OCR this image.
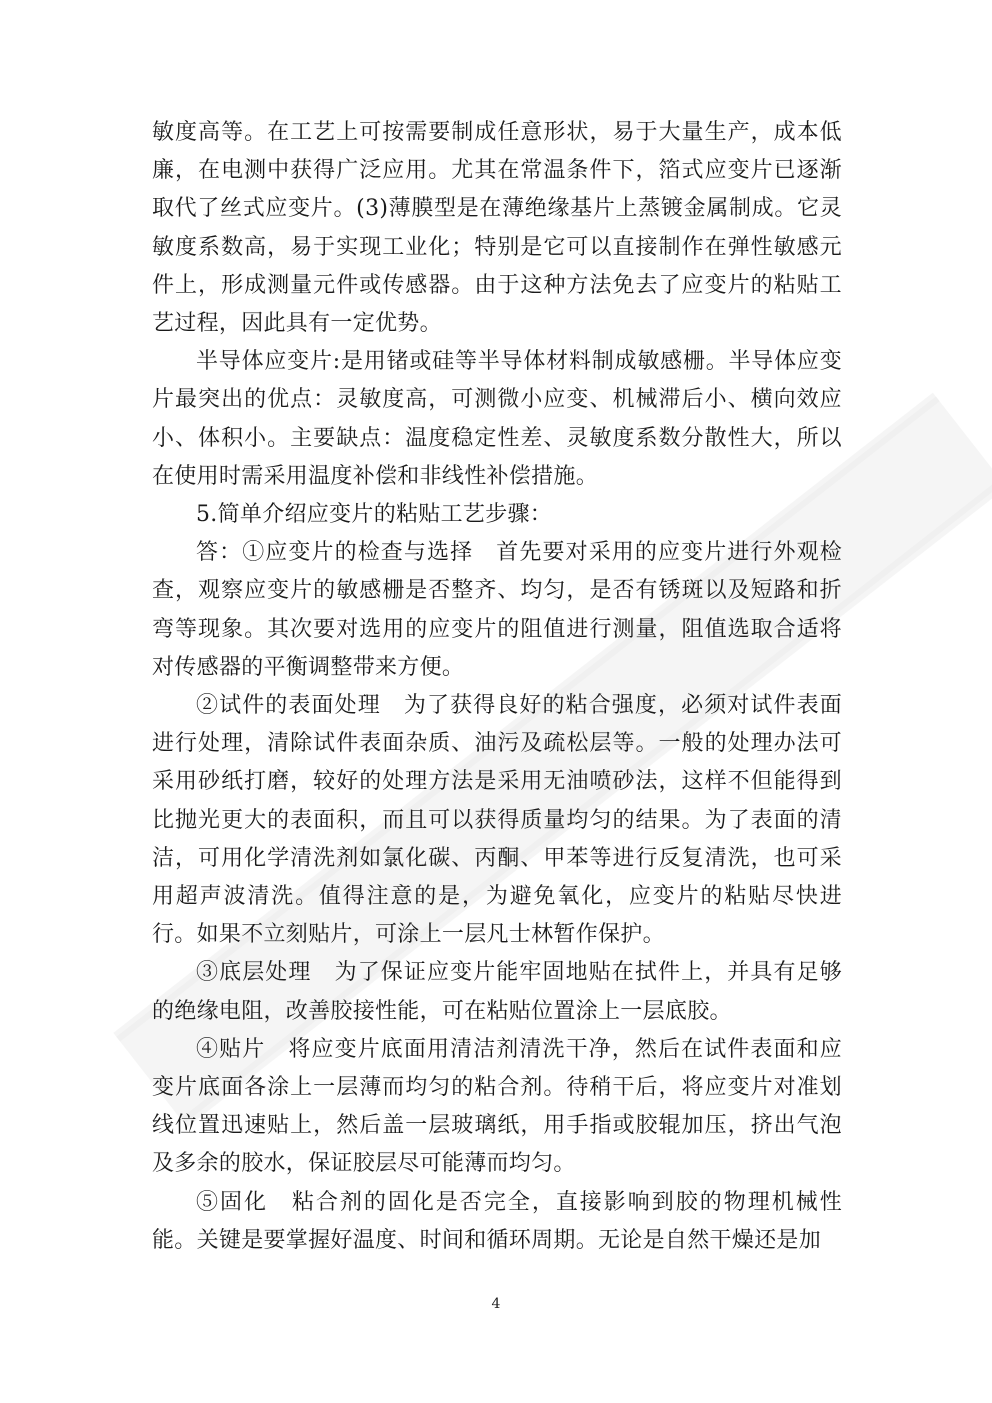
敏度高等。在工艺上可按需要制成任意形状，易于大量生产，成本低廉，在电测中获得广泛应用。尤其在常温条件下，箔式应变片已逐渐取代了丝式应变片。(3)薄膜型是在薄绝缘基片上蒸镀金属制成。它灵敏度系数高，易于实现工业化；特别是它可以直接制作在弹性敏感元件上，形成测量元件或传感器。由于这种方法免去了应变片的粘贴工艺过程，因此具有一定优势。

半导体应变片:是用锗或硅等半导体材料制成敏感栅。半导体应变片最突出的优点：灵敏度高，可测微小应变、机械滞后小、横向效应小、体积小。主要缺点：温度稳定性差、灵敏度系数分散性大，所以在使用时需采用温度补偿和非线性补偿措施。

5.简单介绍应变片的粘贴工艺步骤：

答：①应变片的检查与选择　首先要对采用的应变片进行外观检查，观察应变片的敏感栅是否整齐、均匀，是否有锈斑以及短路和折弯等现象。其次要对选用的应变片的阻值进行测量，阻值选取合适将对传感器的平衡调整带来方便。

②试件的表面处理　为了获得良好的粘合强度，必须对试件表面进行处理，清除试件表面杂质、油污及疏松层等。一般的处理办法可采用砂纸打磨，较好的处理方法是采用无油喷砂法，这样不但能得到比抛光更大的表面积，而且可以获得质量均匀的结果。为了表面的清洁，可用化学清洗剂如氯化碳、丙酮、甲苯等进行反复清洗，也可采用超声波清洗。值得注意的是，为避免氧化，应变片的粘贴尽快进行。如果不立刻贴片，可涂上一层凡士林暂作保护。

③底层处理　为了保证应变片能牢固地贴在拭件上，并具有足够的绝缘电阻，改善胶接性能，可在粘贴位置涂上一层底胶。

④贴片　将应变片底面用清洁剂清洗干净，然后在试件表面和应变片底面各涂上一层薄而均匀的粘合剂。待稍干后，将应变片对准划线位置迅速贴上，然后盖一层玻璃纸，用手指或胶辊加压，挤出气泡及多余的胶水，保证胶层尽可能薄而均匀。

⑤固化　粘合剂的固化是否完全，直接影响到胶的物理机械性能。关键是要掌握好温度、时间和循环周期。无论是自然干燥还是加

4
